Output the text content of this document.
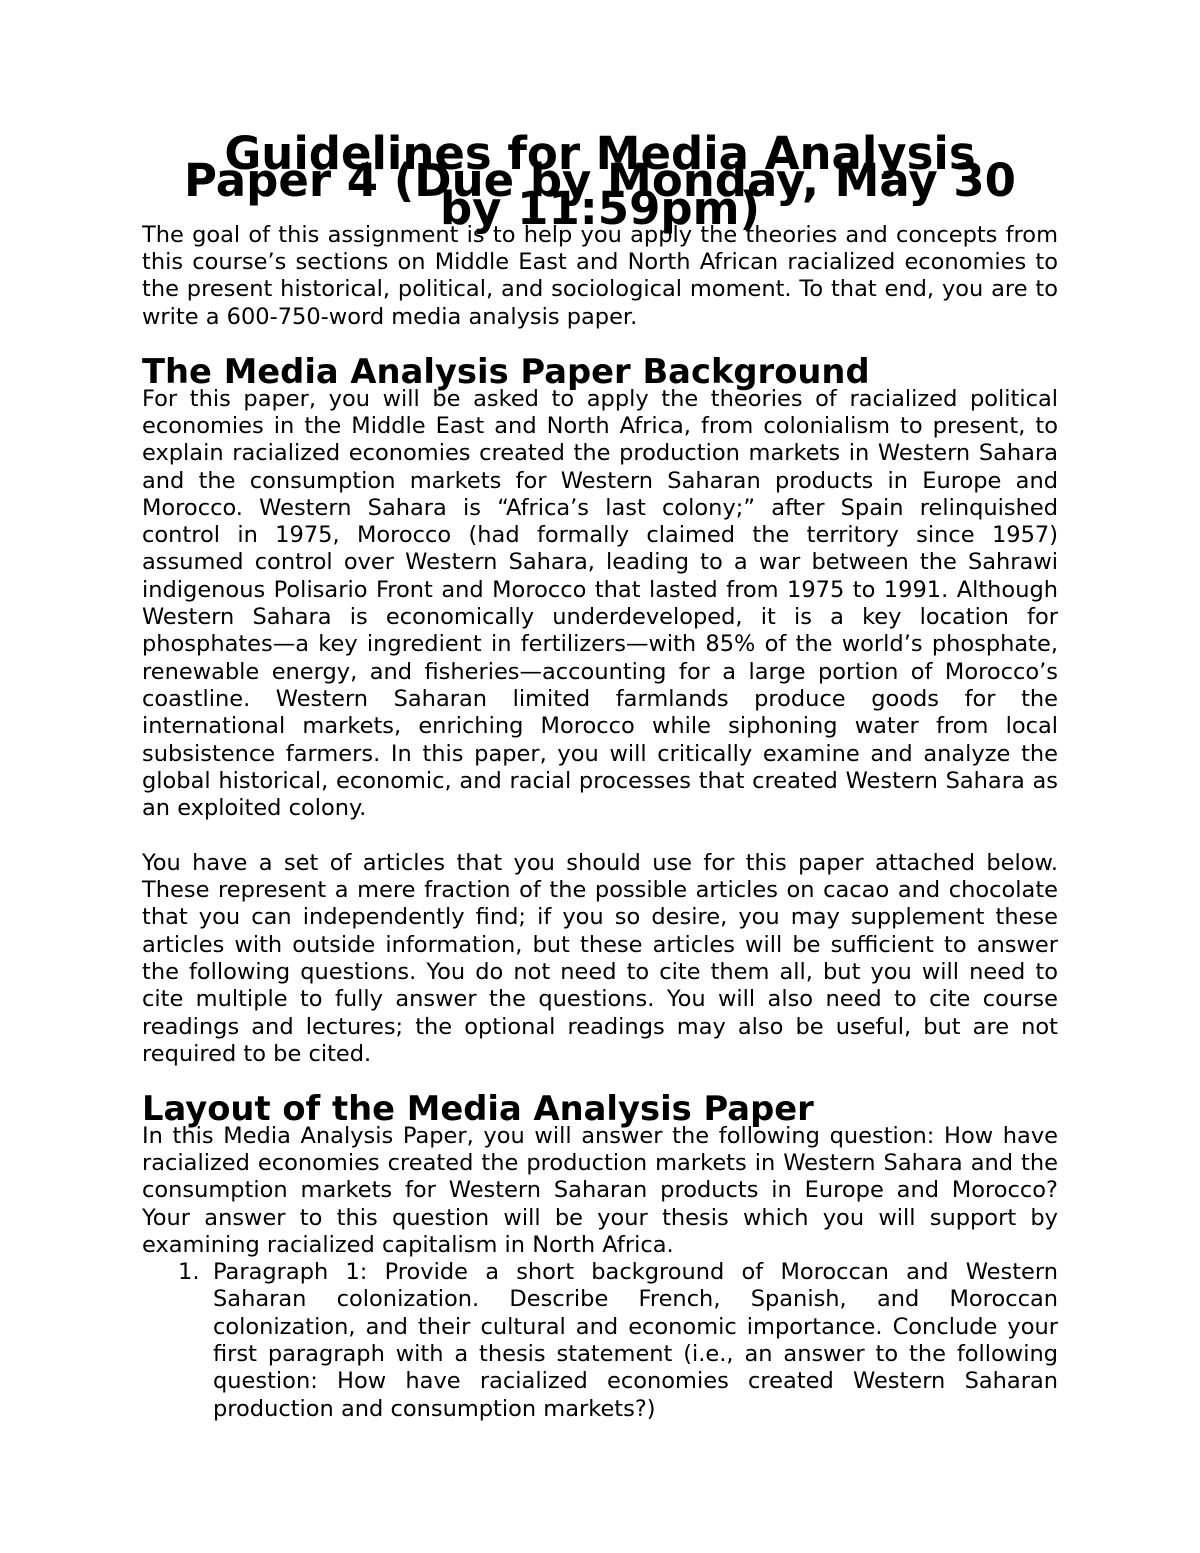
Guidelines for Media Analysis Paper 4 (Due by Monday, May 30 by 11:59pm)

The goal of this assignment is to help you apply the theories and concepts from this course’s sections on Middle East and North African racialized economies to the present historical, political, and sociological moment. To that end, you are to write a 600-750-word media analysis paper.

The Media Analysis Paper Background

For this paper, you will be asked to apply the theories of racialized political economies in the Middle East and North Africa, from colonialism to present, to explain racialized economies created the production markets in Western Sahara and the consumption markets for Western Saharan products in Europe and Morocco. Western Sahara is “Africa’s last colony;” after Spain relinquished control in 1975, Morocco (had formally claimed the territory since 1957) assumed control over Western Sahara, leading to a war between the Sahrawi indigenous Polisario Front and Morocco that lasted from 1975 to 1991. Although Western Sahara is economically underdeveloped, it is a key location for phosphates—a key ingredient in fertilizers—with 85% of the world’s phosphate, renewable energy, and fisheries—accounting for a large portion of Morocco’s coastline. Western Saharan limited farmlands produce goods for the international markets, enriching Morocco while siphoning water from local subsistence farmers. In this paper, you will critically examine and analyze the global historical, economic, and racial processes that created Western Sahara as an exploited colony.

You have a set of articles that you should use for this paper attached below. These represent a mere fraction of the possible articles on cacao and chocolate that you can independently find; if you so desire, you may supplement these articles with outside information, but these articles will be sufficient to answer the following questions. You do not need to cite them all, but you will need to cite multiple to fully answer the questions. You will also need to cite course readings and lectures; the optional readings may also be useful, but are not required to be cited.

Layout of the Media Analysis Paper

In this Media Analysis Paper, you will answer the following question: How have racialized economies created the production markets in Western Sahara and the consumption markets for Western Saharan products in Europe and Morocco? Your answer to this question will be your thesis which you will support by examining racialized capitalism in North Africa.

1. Paragraph 1: Provide a short background of Moroccan and Western Saharan colonization. Describe French, Spanish, and Moroccan colonization, and their cultural and economic importance. Conclude your first paragraph with a thesis statement (i.e., an answer to the following question: How have racialized economies created Western Saharan production and consumption markets?)
